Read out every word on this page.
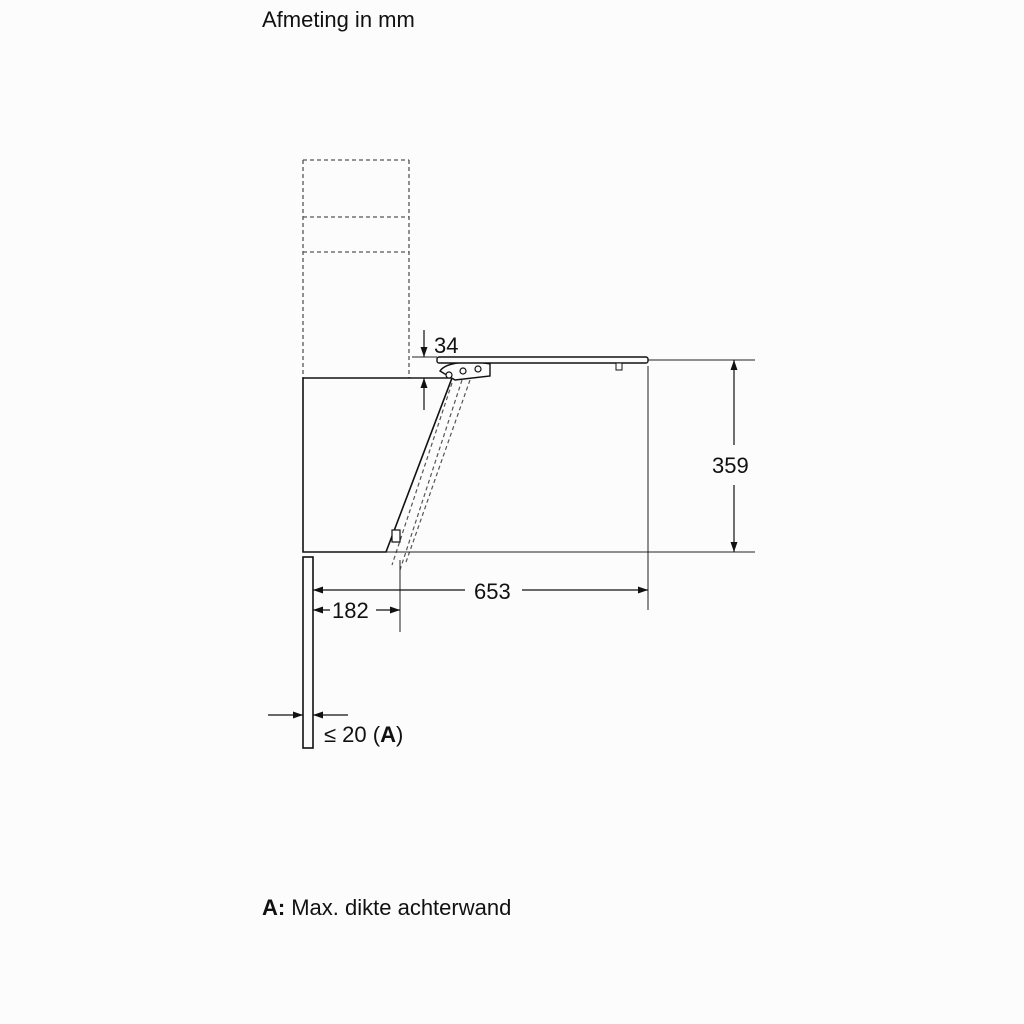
Afmeting in mm
34
359
653
182
≤ 20 (A)
A: Max. dikte achterwand
